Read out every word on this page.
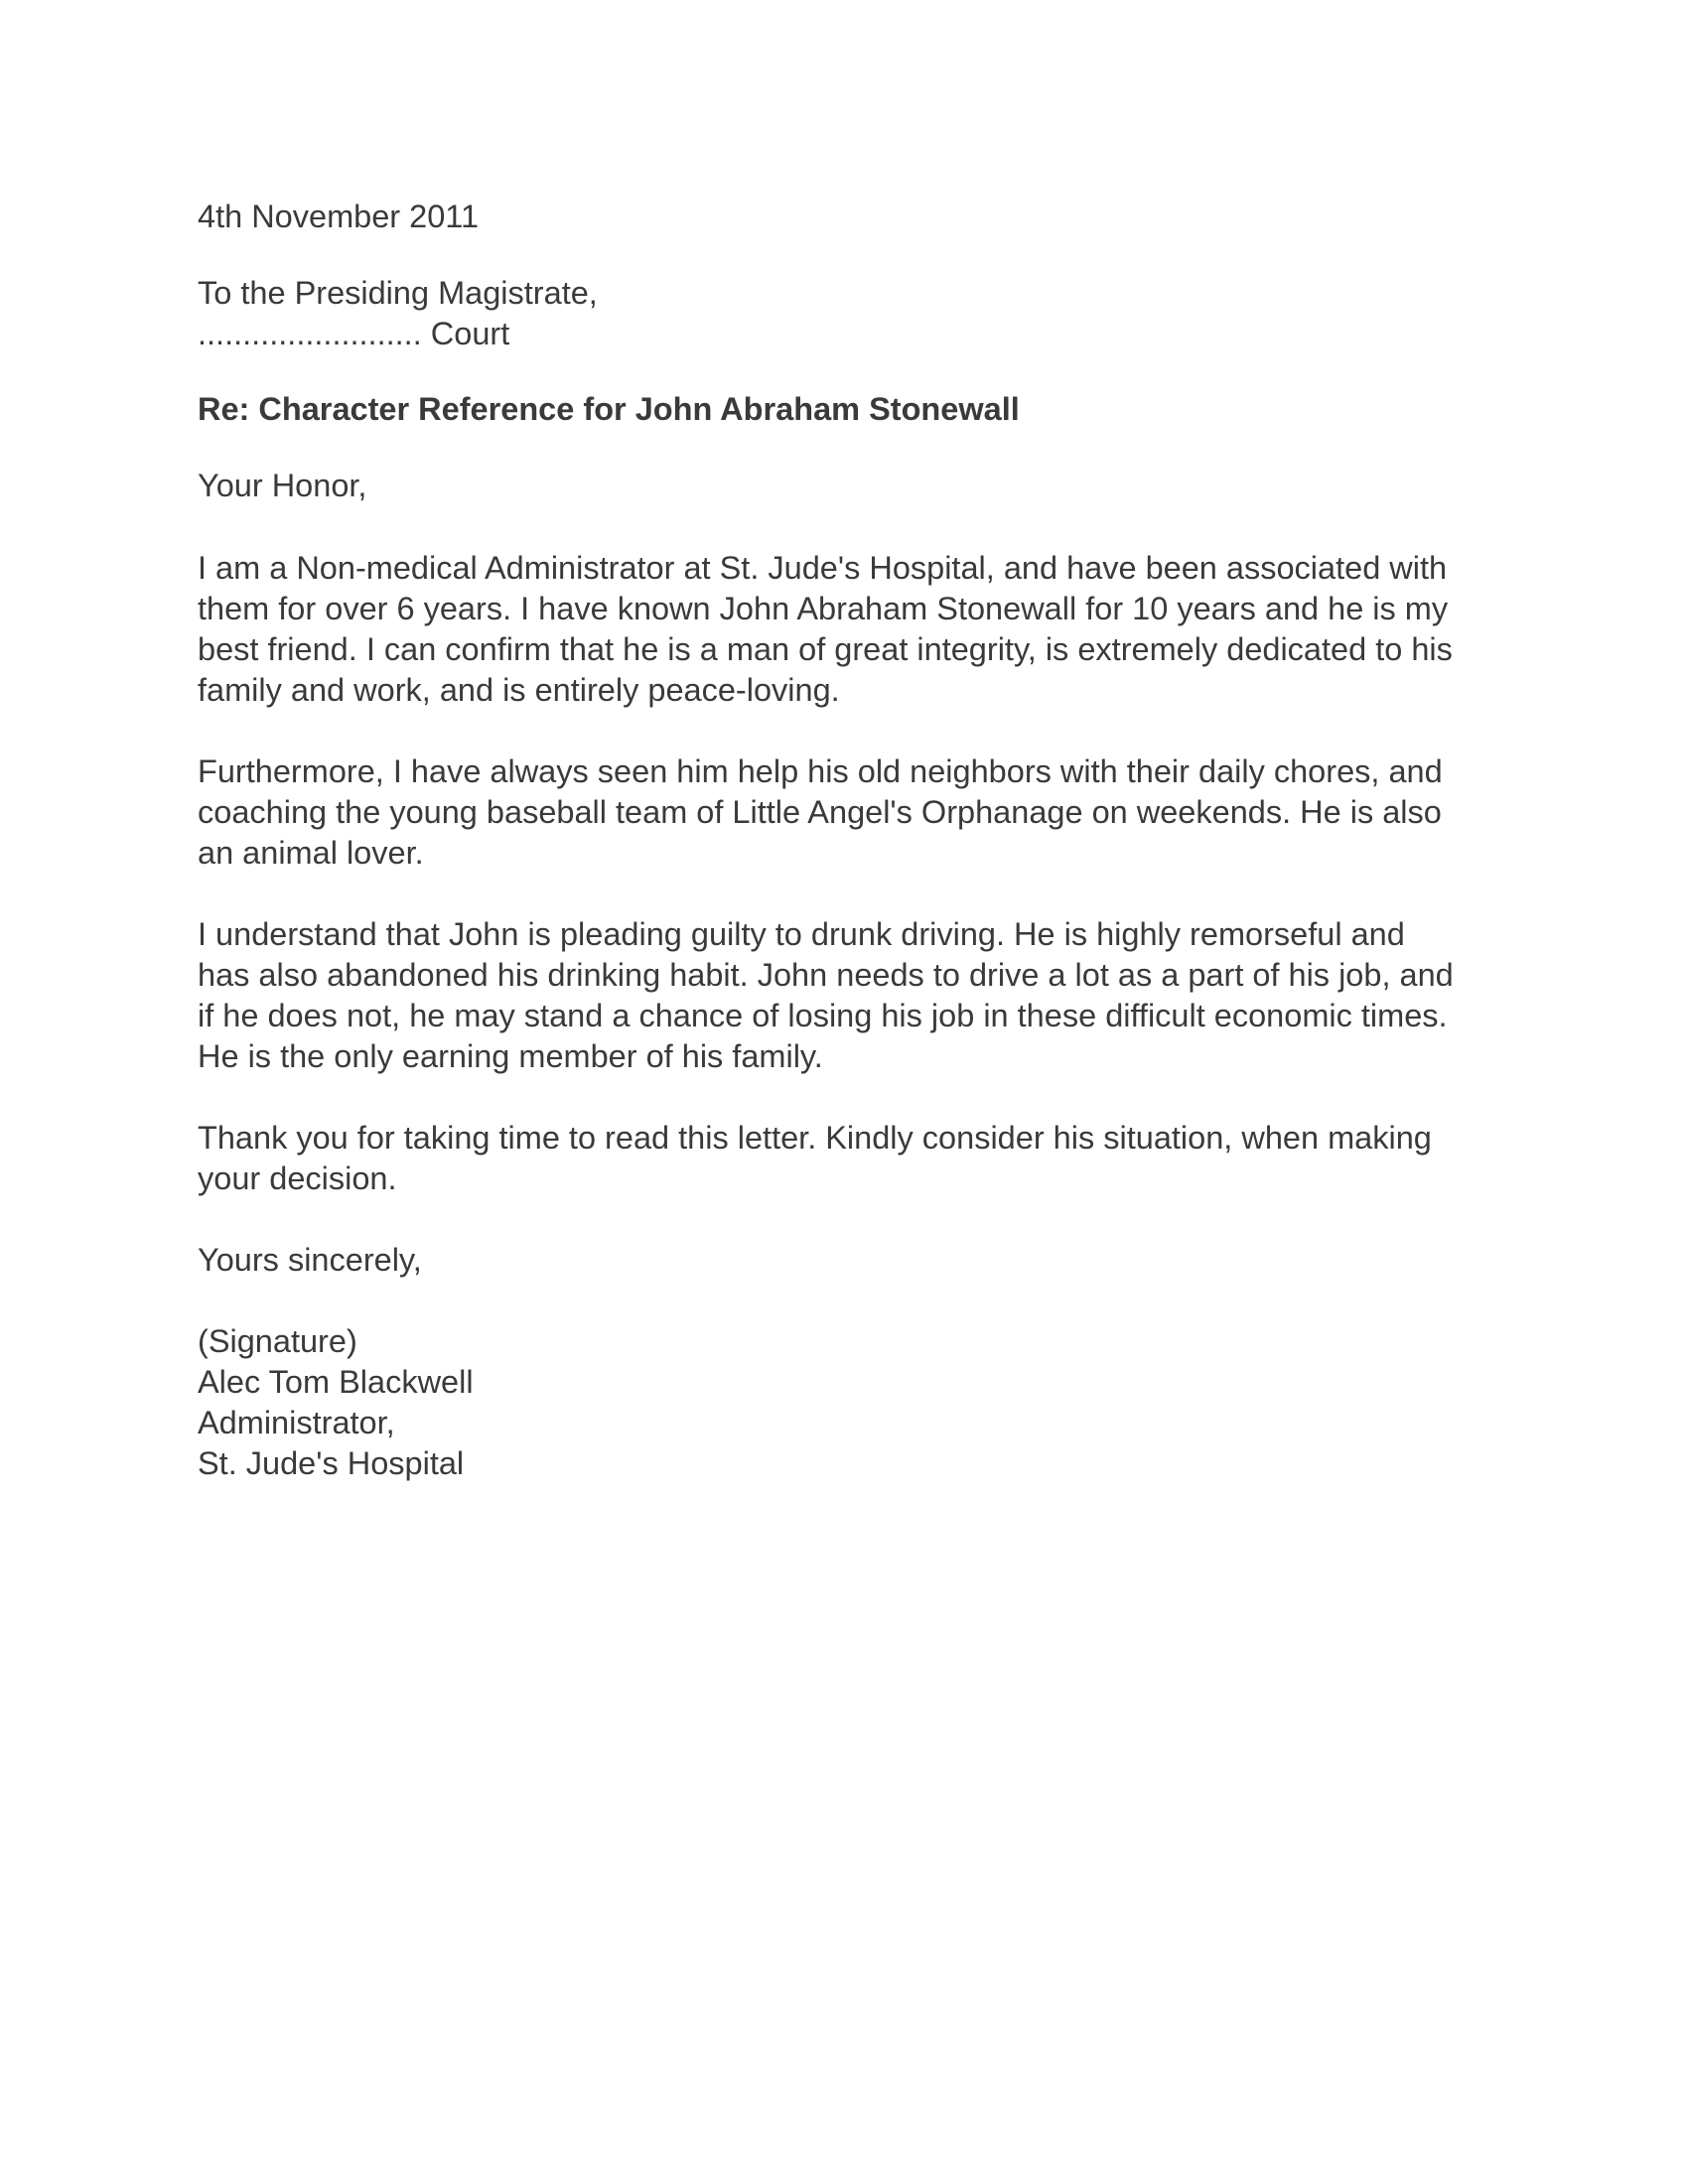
4th November 2011
To the Presiding Magistrate,
......................... Court
Re: Character Reference for John Abraham Stonewall
Your Honor,
I am a Non-medical Administrator at St. Jude's Hospital, and have been associated with
them for over 6 years. I have known John Abraham Stonewall for 10 years and he is my
best friend. I can confirm that he is a man of great integrity, is extremely dedicated to his
family and work, and is entirely peace-loving.
Furthermore, I have always seen him help his old neighbors with their daily chores, and
coaching the young baseball team of Little Angel's Orphanage on weekends. He is also
an animal lover.
I understand that John is pleading guilty to drunk driving. He is highly remorseful and
has also abandoned his drinking habit. John needs to drive a lot as a part of his job, and
if he does not, he may stand a chance of losing his job in these difficult economic times.
He is the only earning member of his family.
Thank you for taking time to read this letter. Kindly consider his situation, when making
your decision.
Yours sincerely,
(Signature)
Alec Tom Blackwell
Administrator,
St. Jude's Hospital
